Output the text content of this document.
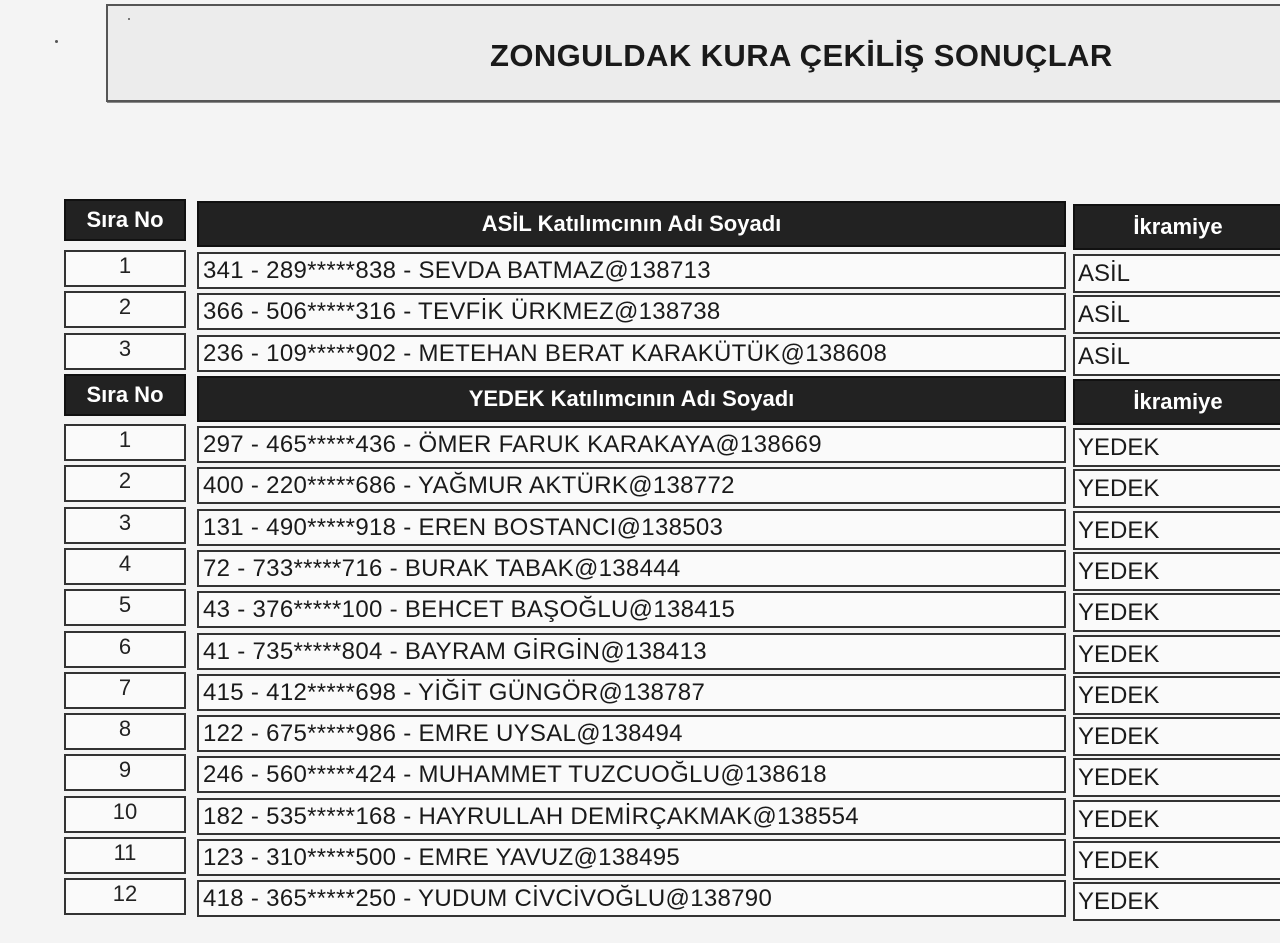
ZONGULDAK KURA ÇEKİLİŞ SONUÇLAR
Sıra No	ASİL Katılımcının Adı Soyadı	İkramiye
1	341 - 289*****838 - SEVDA BATMAZ@138713	ASİL
2	366 - 506*****316 - TEVFİK ÜRKMEZ@138738	ASİL
3	236 - 109*****902 - METEHAN BERAT KARAKÜTÜK@138608	ASİL
Sıra No	YEDEK Katılımcının Adı Soyadı	İkramiye
1	297 - 465*****436 - ÖMER FARUK KARAKAYA@138669	YEDEK
2	400 - 220*****686 - YAĞMUR AKTÜRK@138772	YEDEK
3	131 - 490*****918 - EREN BOSTANCI@138503	YEDEK
4	72 - 733*****716 - BURAK TABAK@138444	YEDEK
5	43 - 376*****100 - BEHCET BAŞOĞLU@138415	YEDEK
6	41 - 735*****804 - BAYRAM GİRGİN@138413	YEDEK
7	415 - 412*****698 - YİĞİT GÜNGÖR@138787	YEDEK
8	122 - 675*****986 - EMRE UYSAL@138494	YEDEK
9	246 - 560*****424 - MUHAMMET TUZCUOĞLU@138618	YEDEK
10	182 - 535*****168 - HAYRULLAH DEMİRÇAKMAK@138554	YEDEK
11	123 - 310*****500 - EMRE YAVUZ@138495	YEDEK
12	418 - 365*****250 - YUDUM CİVCİVOĞLU@138790	YEDEK
